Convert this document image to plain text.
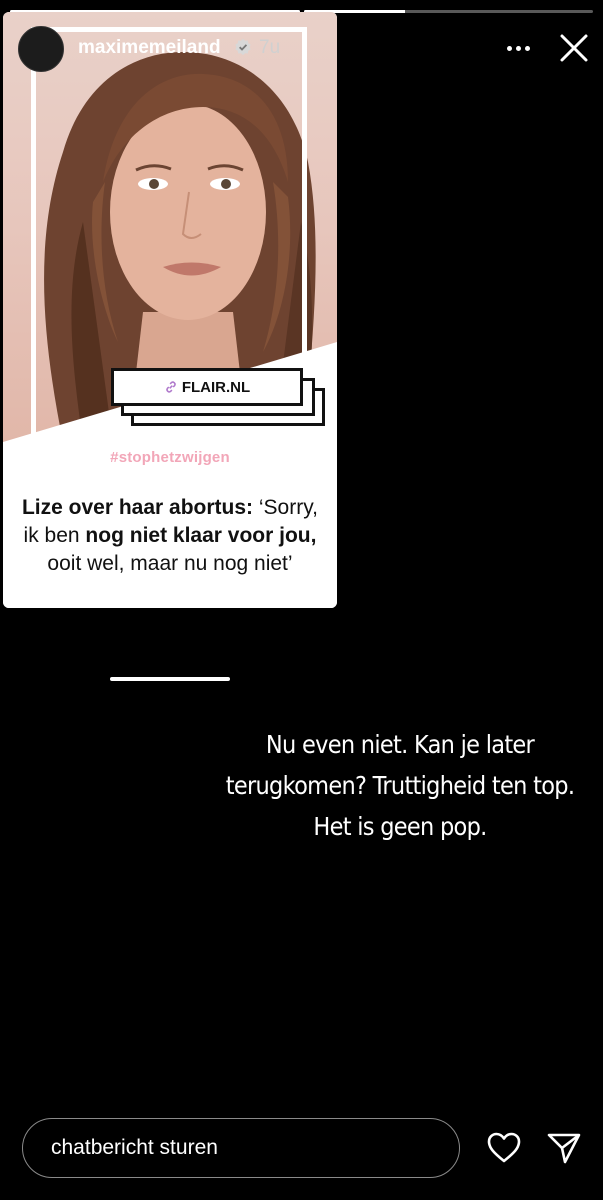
FLAIR.NL
#stophetzwijgen
Lize over haar abortus: ‘Sorry, ik ben nog niet klaar voor jou, ooit wel, maar nu nog niet’
maximemeiland 7u
Nu even niet. Kan je later
terugkomen? Truttigheid ten top.
Het is geen pop.
chatbericht sturen
